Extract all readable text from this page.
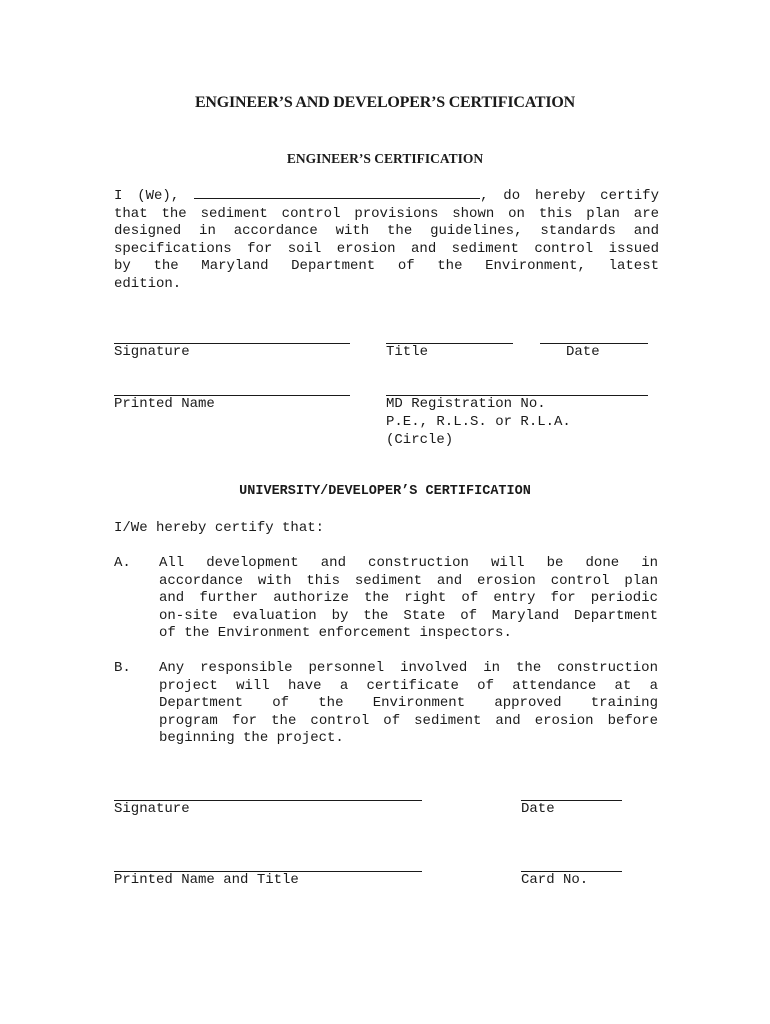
ENGINEER’S AND DEVELOPER’S CERTIFICATION
ENGINEER’S CERTIFICATION
I (We),	, do hereby certify
that the sediment control provisions shown on this plan are
designed in accordance with the guidelines, standards and
specifications for soil erosion and sediment control issued
by the Maryland Department of the Environment, latest
edition.
Signature	Title	Date
Printed Name	MD Registration No.
P.E., R.L.S. or R.L.A.
(Circle)
UNIVERSITY/DEVELOPER’S CERTIFICATION
I/We hereby certify that:
A. All development and construction will be done in
accordance with this sediment and erosion control plan
and further authorize the right of entry for periodic
on-site evaluation by the State of Maryland Department
of the Environment enforcement inspectors.
B. Any responsible personnel involved in the construction
project will have a certificate of attendance at a
Department of the Environment approved training
program for the control of sediment and erosion before
beginning the project.
Signature	Date
Printed Name and Title	Card No.
